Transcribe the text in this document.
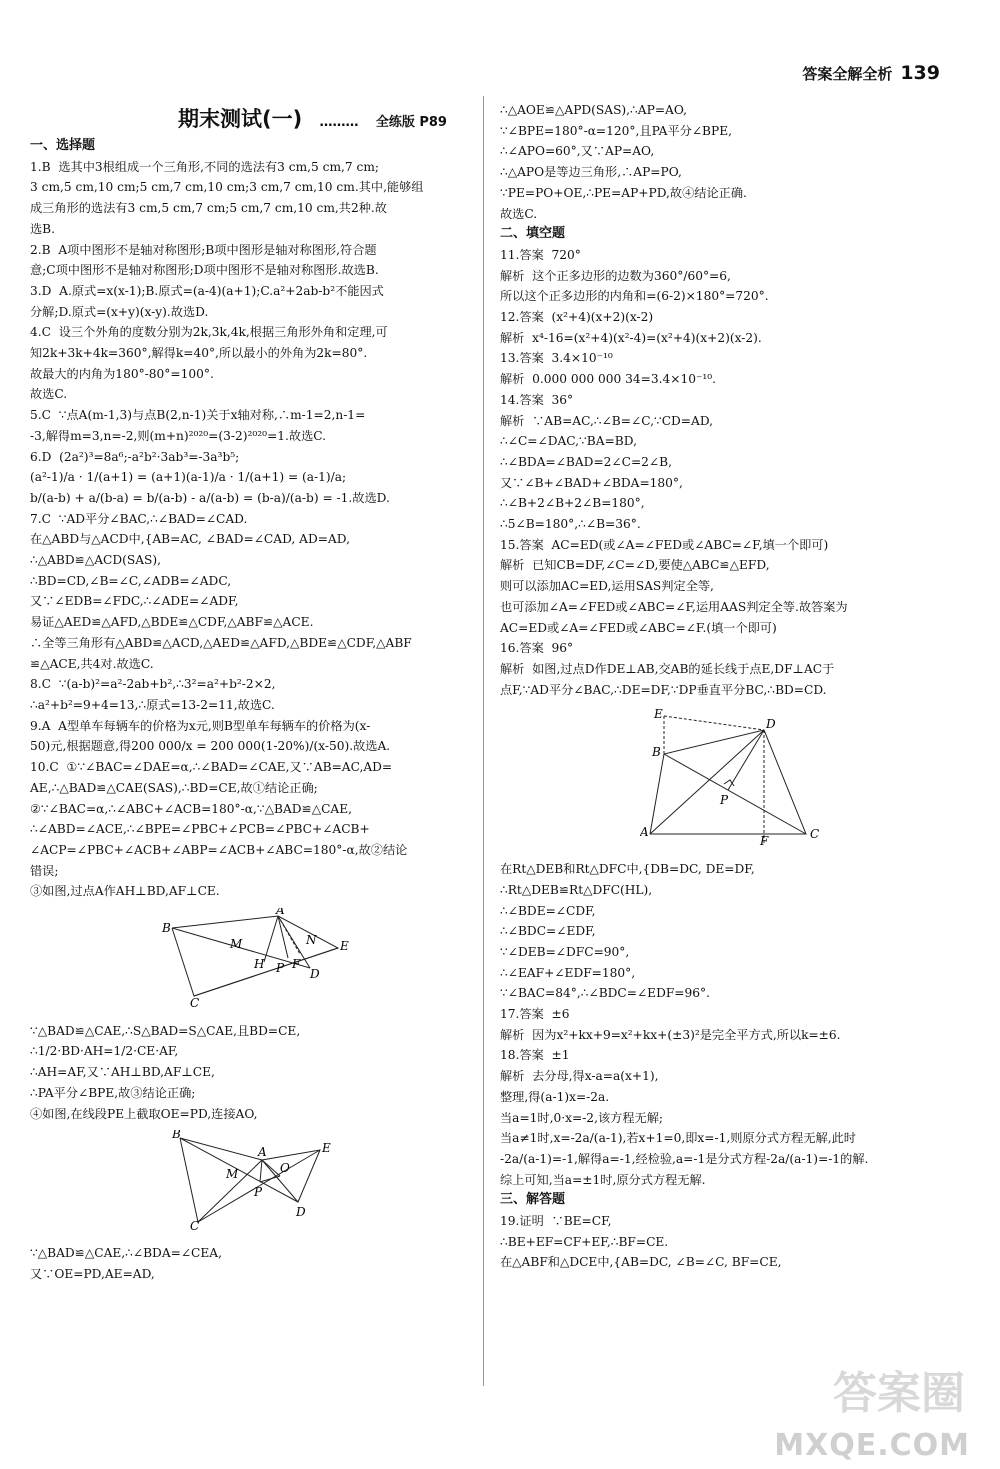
答案全解全析 139
期末测试(一) ……… 全练版 P89

一、选择题

1.B  选其中3根组成一个三角形,不同的选法有3 cm,5 cm,7 cm;

3 cm,5 cm,10 cm;5 cm,7 cm,10 cm;3 cm,7 cm,10 cm.其中,能够组

成三角形的选法有3 cm,5 cm,7 cm;5 cm,7 cm,10 cm,共2种.故

选B.

2.B  A项中图形不是轴对称图形;B项中图形是轴对称图形,符合题

意;C项中图形不是轴对称图形;D项中图形不是轴对称图形.故选B.

3.D  A.原式=x(x-1);B.原式=(a-4)(a+1);C.a²+2ab-b²不能因式

分解;D.原式=(x+y)(x-y).故选D.

4.C  设三个外角的度数分别为2k,3k,4k,根据三角形外角和定理,可

知2k+3k+4k=360°,解得k=40°,所以最小的外角为2k=80°.

故最大的内角为180°-80°=100°.

故选C.

5.C  ∵点A(m-1,3)与点B(2,n-1)关于x轴对称,∴m-1=2,n-1=

-3,解得m=3,n=-2,则(m+n)²⁰²⁰=(3-2)²⁰²⁰=1.故选C.

6.D  (2a²)³=8a⁶;-a²b²·3ab³=-3a³b⁵;

(a²-1)/a · 1/(a+1) = (a+1)(a-1)/a · 1/(a+1) = (a-1)/a;

b/(a-b) + a/(b-a) = b/(a-b) - a/(a-b) = (b-a)/(a-b) = -1.故选D.

7.C  ∵AD平分∠BAC,∴∠BAD=∠CAD.

在△ABD与△ACD中,{AB=AC, ∠BAD=∠CAD, AD=AD,

∴△ABD≌△ACD(SAS),

∴BD=CD,∠B=∠C,∠ADB=∠ADC,

又∵∠EDB=∠FDC,∴∠ADE=∠ADF,

易证△AED≌△AFD,△BDE≌△CDF,△ABF≌△ACE.

∴全等三角形有△ABD≌△ACD,△AED≌△AFD,△BDE≌△CDF,△ABF

≌△ACE,共4对.故选C.

8.C  ∵(a-b)²=a²-2ab+b²,∴3²=a²+b²-2×2,

∴a²+b²=9+4=13,∴原式=13-2=11,故选C.

9.A  A型单车每辆车的价格为x元,则B型单车每辆车的价格为(x-

50)元,根据题意,得200 000/x = 200 000(1-20%)/(x-50).故选A.

10.C  ①∵∠BAC=∠DAE=α,∴∠BAD=∠CAE,又∵AB=AC,AD=

AE,∴△BAD≌△CAE(SAS),∴BD=CE,故①结论正确;

②∵∠BAC=α,∴∠ABC+∠ACB=180°-α,∵△BAD≌△CAE,

∴∠ABD=∠ACE,∴∠BPE=∠PBC+∠PCB=∠PBC+∠ACB+

∠ACP=∠PBC+∠ACB+∠ABP=∠ACB+∠ABC=180°-α,故②结论

错误;

③如图,过点A作AH⊥BD,AF⊥CE.

A
B
C
D
E
M	N
H P F

∵△BAD≌△CAE,∴S△BAD=S△CAE,且BD=CE,

∴1/2·BD·AH=1/2·CE·AF,

∴AH=AF,又∵AH⊥BD,AF⊥CE,

∴PA平分∠BPE,故③结论正确;

④如图,在线段PE上截取OE=PD,连接AO,

B
A	E
C
D
M
P
O

∵△BAD≌△CAE,∴∠BDA=∠CEA,

又∵OE=PD,AE=AD,

∴△AOE≌△APD(SAS),∴AP=AO,

∵∠BPE=180°-α=120°,且PA平分∠BPE,

∴∠APO=60°,又∵AP=AO,

∴△APO是等边三角形,∴AP=PO,

∵PE=PO+OE,∴PE=AP+PD,故④结论正确.

故选C.

二、填空题

11.答案  720°

解析  这个正多边形的边数为360°/60°=6,

所以这个正多边形的内角和=(6-2)×180°=720°.

12.答案  (x²+4)(x+2)(x-2)

解析  x⁴-16=(x²+4)(x²-4)=(x²+4)(x+2)(x-2).

13.答案  3.4×10⁻¹⁰

解析  0.000 000 000 34=3.4×10⁻¹⁰.

14.答案  36°

解析  ∵AB=AC,∴∠B=∠C,∵CD=AD,

∴∠C=∠DAC,∵BA=BD,

∴∠BDA=∠BAD=2∠C=2∠B,

又∵∠B+∠BAD+∠BDA=180°,

∴∠B+2∠B+2∠B=180°,

∴5∠B=180°,∴∠B=36°.

15.答案  AC=ED(或∠A=∠FED或∠ABC=∠F,填一个即可)

解析  已知CB=DF,∠C=∠D,要使△ABC≌△EFD,

则可以添加AC=ED,运用SAS判定全等,

也可添加∠A=∠FED或∠ABC=∠F,运用AAS判定全等.故答案为

AC=ED或∠A=∠FED或∠ABC=∠F.(填一个即可)

16.答案  96°

解析  如图,过点D作DE⊥AB,交AB的延长线于点E,DF⊥AC于

点F,∵AD平分∠BAC,∴DE=DF,∵DP垂直平分BC,∴BD=CD.

E
D
B
A	C
F
P

在Rt△DEB和Rt△DFC中,{DB=DC, DE=DF,

∴Rt△DEB≌Rt△DFC(HL),

∴∠BDE=∠CDF,

∴∠BDC=∠EDF,

∵∠DEB=∠DFC=90°,

∴∠EAF+∠EDF=180°,

∵∠BAC=84°,∴∠BDC=∠EDF=96°.

17.答案  ±6

解析  因为x²+kx+9=x²+kx+(±3)²是完全平方式,所以k=±6.

18.答案  ±1

解析  去分母,得x-a=a(x+1),

整理,得(a-1)x=-2a.

当a=1时,0·x=-2,该方程无解;

当a≠1时,x=-2a/(a-1),若x+1=0,即x=-1,则原分式方程无解,此时

-2a/(a-1)=-1,解得a=-1,经检验,a=-1是分式方程-2a/(a-1)=-1的解.

综上可知,当a=±1时,原分式方程无解.

三、解答题

19.证明  ∵BE=CF,

∴BE+EF=CF+EF,∴BF=CE.

在△ABF和△DCE中,{AB=DC, ∠B=∠C, BF=CE,

答案圈
MXQE.COM
